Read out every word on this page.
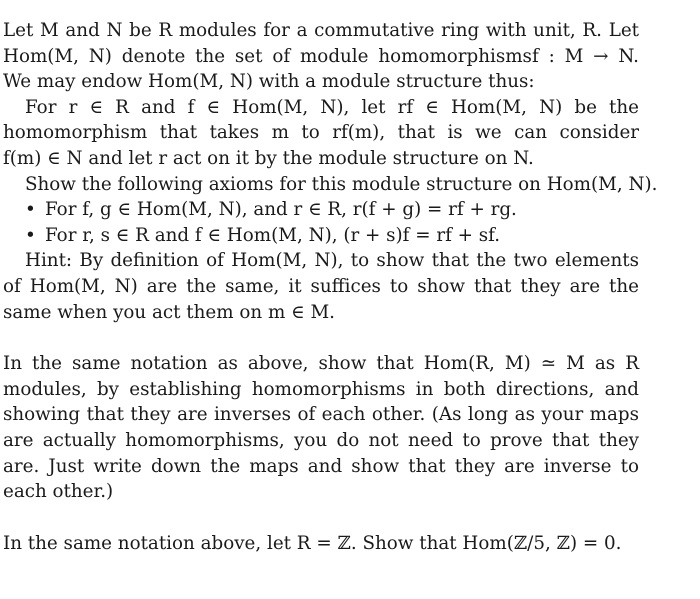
Let M and N be R modules for a commutative ring with unit, R. Let
Hom(M, N) denote the set of module homomorphismsf : M → N.
We may endow Hom(M, N) with a module structure thus:
For r ∈ R and f ∈ Hom(M, N), let rf ∈ Hom(M, N) be the
homomorphism that takes m to rf(m), that is we can consider
f(m) ∈ N and let r act on it by the module structure on N.
Show the following axioms for this module structure on Hom(M, N).
• For f, g ∈ Hom(M, N), and r ∈ R, r(f + g) = rf + rg.
• For r, s ∈ R and f ∈ Hom(M, N), (r + s)f = rf + sf.
Hint: By definition of Hom(M, N), to show that the two elements
of Hom(M, N) are the same, it suffices to show that they are the
same when you act them on m ∈ M.
In the same notation as above, show that Hom(R, M) ≃ M as R
modules, by establishing homomorphisms in both directions, and
showing that they are inverses of each other. (As long as your maps
are actually homomorphisms, you do not need to prove that they
are. Just write down the maps and show that they are inverse to
each other.)
In the same notation above, let R = ℤ. Show that Hom(ℤ/5, ℤ) = 0.
